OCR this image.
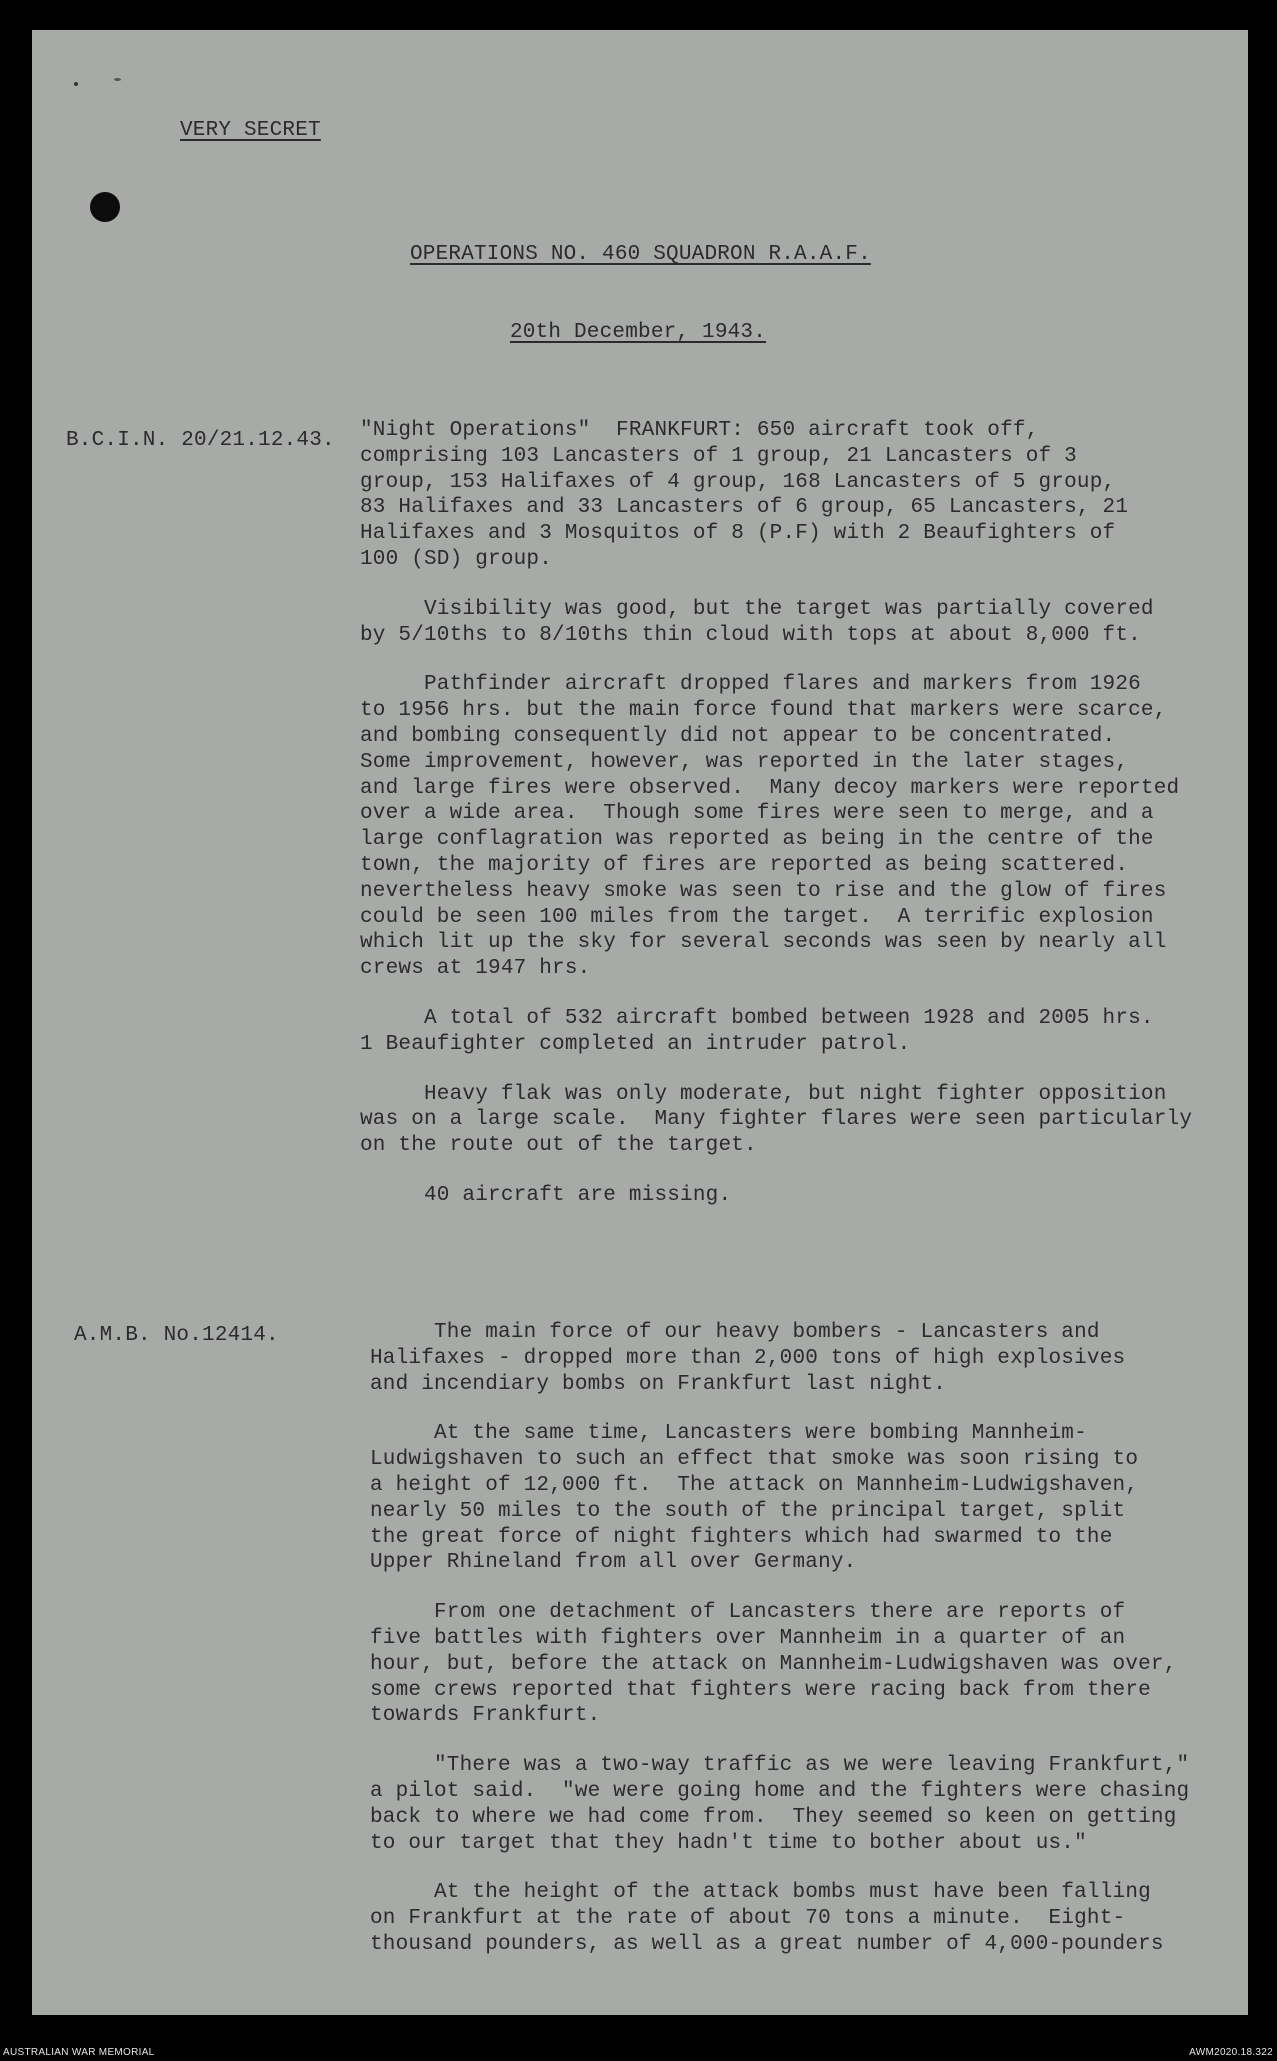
VERY SECRET
OPERATIONS NO. 460 SQUADRON R.A.A.F.
20th December, 1943.
B.C.I.N. 20/21.12.43. "Night Operations"  FRANKFURT: 650 aircraft took off,
comprising 103 Lancasters of 1 group, 21 Lancasters of 3
group, 153 Halifaxes of 4 group, 168 Lancasters of 5 group,
83 Halifaxes and 33 Lancasters of 6 group, 65 Lancasters, 21
Halifaxes and 3 Mosquitos of 8 (P.F) with 2 Beaufighters of
100 (SD) group.
Visibility was good, but the target was partially covered
by 5/10ths to 8/10ths thin cloud with tops at about 8,000 ft.
Pathfinder aircraft dropped flares and markers from 1926
to 1956 hrs. but the main force found that markers were scarce,
and bombing consequently did not appear to be concentrated.
Some improvement, however, was reported in the later stages,
and large fires were observed.  Many decoy markers were reported
over a wide area.  Though some fires were seen to merge, and a
large conflagration was reported as being in the centre of the
town, the majority of fires are reported as being scattered.
nevertheless heavy smoke was seen to rise and the glow of fires
could be seen 100 miles from the target.  A terrific explosion
which lit up the sky for several seconds was seen by nearly all
crews at 1947 hrs.
A total of 532 aircraft bombed between 1928 and 2005 hrs.
1 Beaufighter completed an intruder patrol.
Heavy flak was only moderate, but night fighter opposition
was on a large scale.  Many fighter flares were seen particularly
on the route out of the target.
40 aircraft are missing.
A.M.B. No.12414.	The main force of our heavy bombers - Lancasters and
Halifaxes - dropped more than 2,000 tons of high explosives
and incendiary bombs on Frankfurt last night.
At the same time, Lancasters were bombing Mannheim-
Ludwigshaven to such an effect that smoke was soon rising to
a height of 12,000 ft.  The attack on Mannheim-Ludwigshaven,
nearly 50 miles to the south of the principal target, split
the great force of night fighters which had swarmed to the
Upper Rhineland from all over Germany.
From one detachment of Lancasters there are reports of
five battles with fighters over Mannheim in a quarter of an
hour, but, before the attack on Mannheim-Ludwigshaven was over,
some crews reported that fighters were racing back from there
towards Frankfurt.
"There was a two-way traffic as we were leaving Frankfurt,"
a pilot said.  "we were going home and the fighters were chasing
back to where we had come from.  They seemed so keen on getting
to our target that they hadn't time to bother about us."
At the height of the attack bombs must have been falling
on Frankfurt at the rate of about 70 tons a minute.  Eight-
thousand pounders, as well as a great number of 4,000-pounders
AUSTRALIAN WAR MEMORIAL	AWM2020.18.322
